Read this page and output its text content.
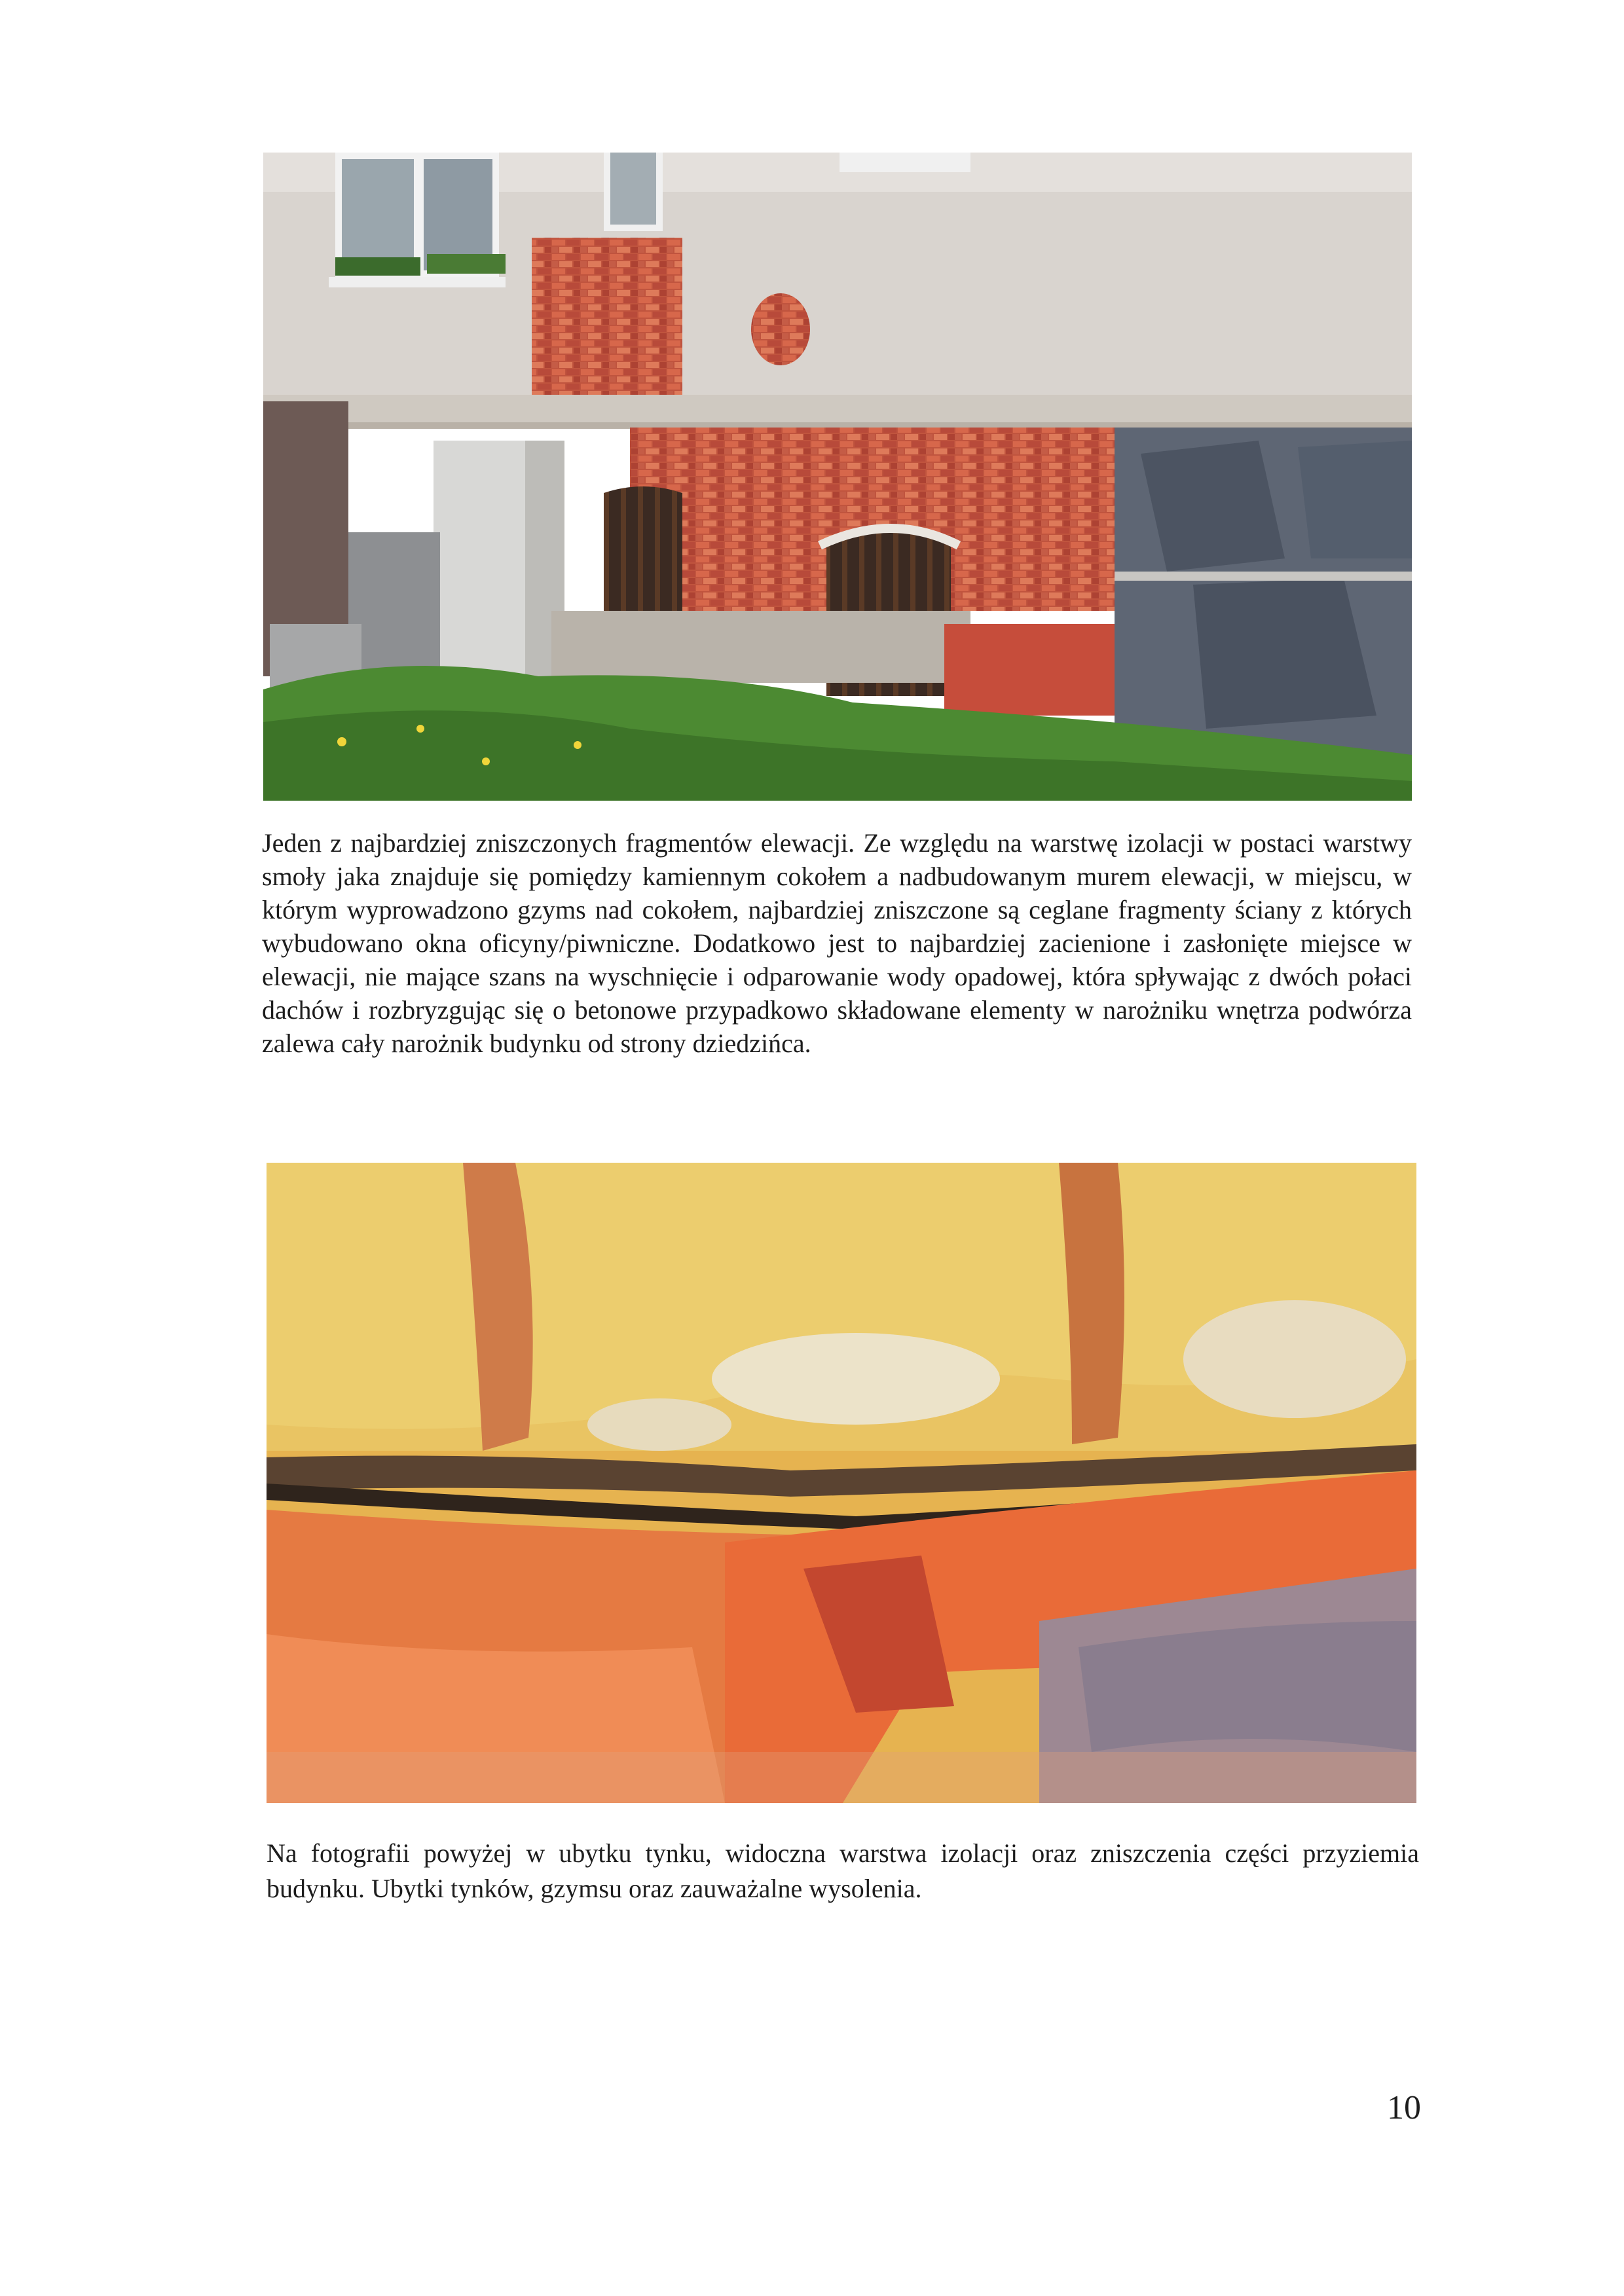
Jeden z najbardziej zniszczonych fragmentów elewacji. Ze względu na warstwę izolacji w postaci warstwy smoły jaka znajduje się pomiędzy kamiennym cokołem a nadbudowanym murem elewacji, w miejscu, w którym wyprowadzono gzyms nad cokołem, najbardziej zniszczone są ceglane fragmenty ściany z których wybudowano okna oficyny/piwniczne. Dodatkowo jest to najbardziej zacienione i zasłonięte miejsce w elewacji, nie mające szans na wyschnięcie i odparowanie wody opadowej, która spływając z dwóch połaci dachów i rozbryzgując się o betonowe przypadkowo składowane elementy w narożniku wnętrza podwórza zalewa cały narożnik budynku od strony dziedzińca.

Na fotografii powyżej w ubytku tynku, widoczna warstwa izolacji oraz zniszczenia części przyziemia budynku. Ubytki tynków, gzymsu oraz zauważalne wysolenia.

10
